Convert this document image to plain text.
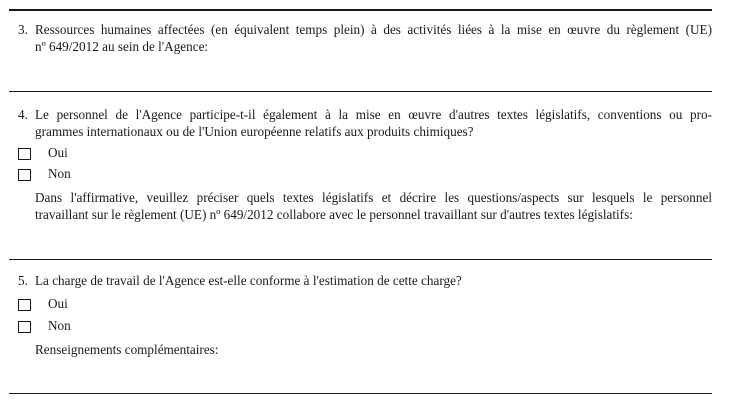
3. Ressources humaines affectées (en équivalent temps plein) à des activités liées à la mise en œuvre du règlement (UE)
nº 649/2012 au sein de l'Agence:
4. Le personnel de l'Agence participe-t-il également à la mise en œuvre d'autres textes législatifs, conventions ou pro-
grammes internationaux ou de l'Union européenne relatifs aux produits chimiques?
Oui
Non
Dans l'affirmative, veuillez préciser quels textes législatifs et décrire les questions/aspects sur lesquels le personnel
travaillant sur le règlement (UE) nº 649/2012 collabore avec le personnel travaillant sur d'autres textes législatifs:
5. La charge de travail de l'Agence est-elle conforme à l'estimation de cette charge?
Oui
Non
Renseignements complémentaires:
